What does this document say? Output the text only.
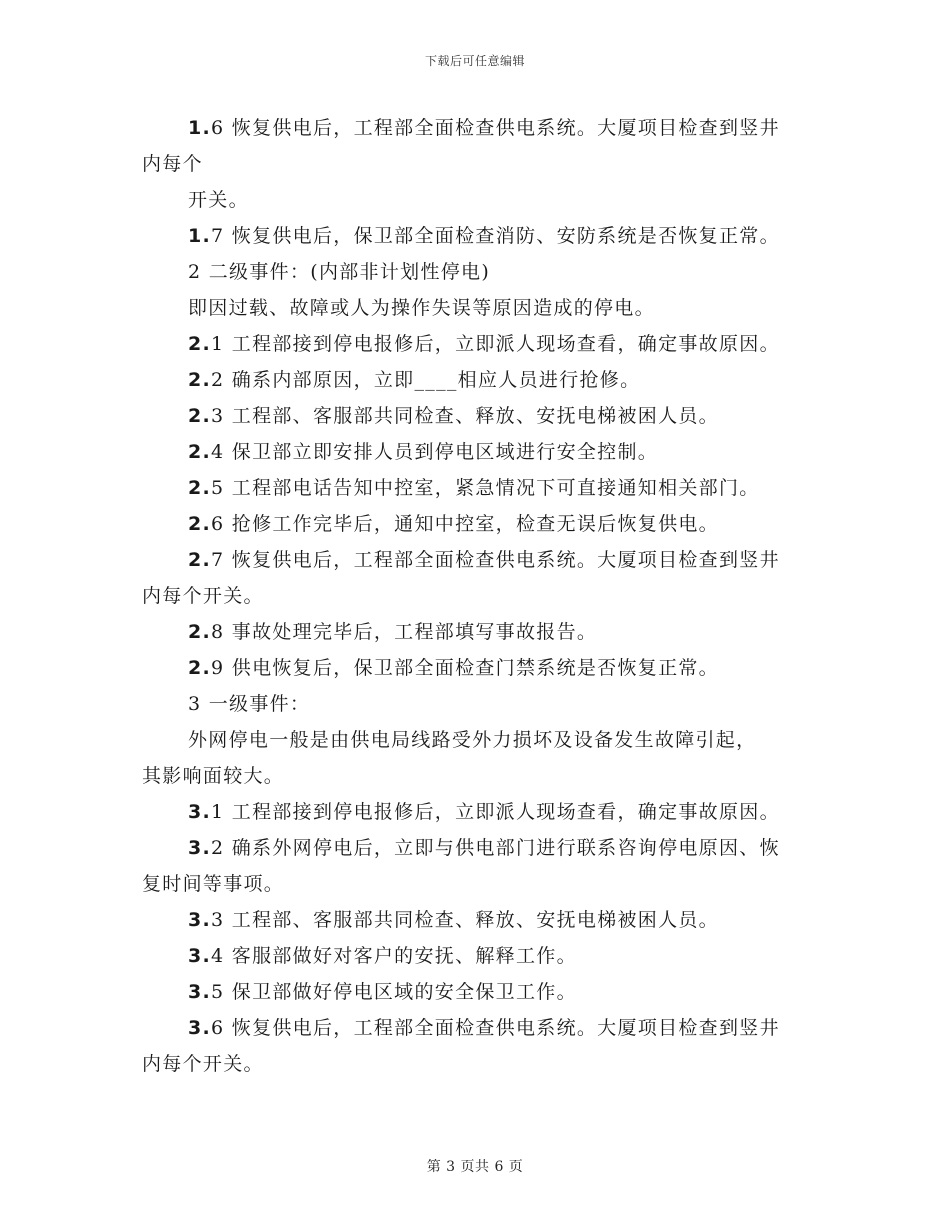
下载后可任意编辑
1.6 恢复供电后，工程部全面检查供电系统。大厦项目检查到竖井
内每个
开关。
1.7 恢复供电后，保卫部全面检查消防、安防系统是否恢复正常。
2 二级事件：(内部非计划性停电)
即因过载、故障或人为操作失误等原因造成的停电。
2.1 工程部接到停电报修后，立即派人现场查看，确定事故原因。
2.2 确系内部原因，立即____相应人员进行抢修。
2.3 工程部、客服部共同检查、释放、安抚电梯被困人员。
2.4 保卫部立即安排人员到停电区域进行安全控制。
2.5 工程部电话告知中控室，紧急情况下可直接通知相关部门。
2.6 抢修工作完毕后，通知中控室，检查无误后恢复供电。
2.7 恢复供电后，工程部全面检查供电系统。大厦项目检查到竖井
内每个开关。
2.8 事故处理完毕后，工程部填写事故报告。
2.9 供电恢复后，保卫部全面检查门禁系统是否恢复正常。
3 一级事件：
外网停电一般是由供电局线路受外力损坏及设备发生故障引起，
其影响面较大。
3.1 工程部接到停电报修后，立即派人现场查看，确定事故原因。
3.2 确系外网停电后，立即与供电部门进行联系咨询停电原因、恢
复时间等事项。
3.3 工程部、客服部共同检查、释放、安抚电梯被困人员。
3.4 客服部做好对客户的安抚、解释工作。
3.5 保卫部做好停电区域的安全保卫工作。
3.6 恢复供电后，工程部全面检查供电系统。大厦项目检查到竖井
内每个开关。
第 3 页共 6 页
